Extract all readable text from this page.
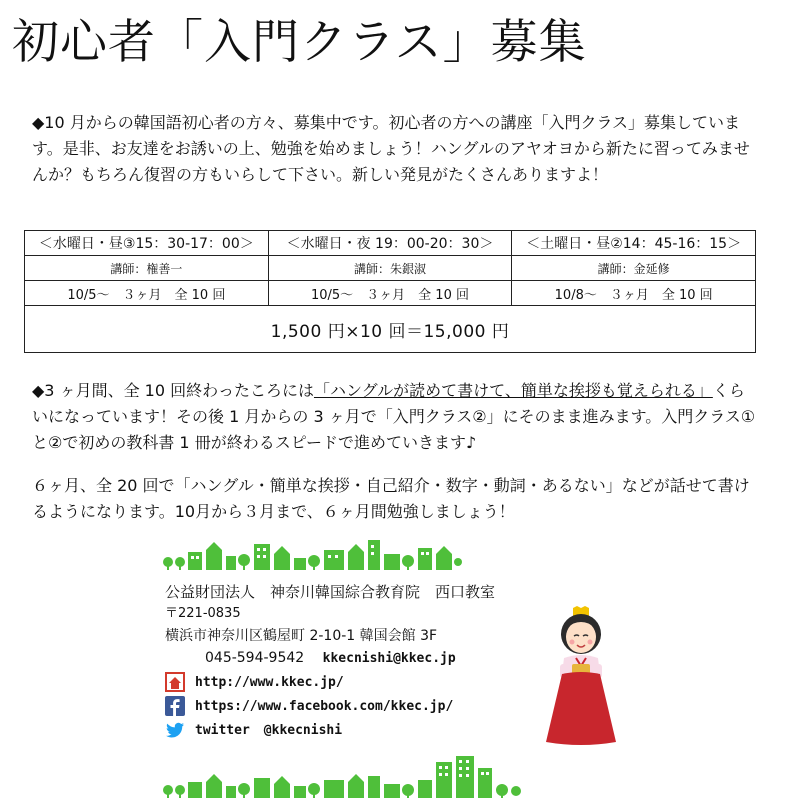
初心者「入門クラス」募集
◆10 月からの韓国語初心者の方々、募集中です。初心者の方への講座「入門クラス」募集しています。是非、お友達をお誘いの上、勉強を始めましょう！ハングルのアヤオヨから新たに習ってみませんか？もちろん復習の方もいらして下さい。新しい発見がたくさんありますよ！
＜水曜日・昼③15：30-17：00＞	＜水曜日・夜 19：00-20：30＞	＜土曜日・昼②14：45-16：15＞
講師：権善一	講師：朱銀淑	講師：金延修
10/5～　３ヶ月　全 10 回	10/5～　３ヶ月　全 10 回	10/8～　３ヶ月　全 10 回
1,500 円×10 回＝15,000 円		
◆3 ヶ月間、全 10 回終わったころには「ハングルが読めて書けて、簡単な挨拶も覚えられる」くらいになっています！その後 1 月からの 3 ヶ月で「入門クラス②」にそのまま進みます。入門クラス①と②で初めの教科書 1 冊が終わるスピードで進めていきます♪
６ヶ月、全 20 回で「ハングル・簡単な挨拶・自己紹介・数字・動詞・あるない」などが話せて書けるようになります。10月から３月まで、６ヶ月間勉強しましょう！
公益財団法人　神奈川韓国綜合教育院　西口教室
〒221-0835
横浜市神奈川区鶴屋町 2-10-1 韓国会館 3F
045-594-9542 kkecnishi@kkec.jp
http://www.kkec.jp/
https://www.facebook.com/kkec.jp/
twitter @kkecnishi
